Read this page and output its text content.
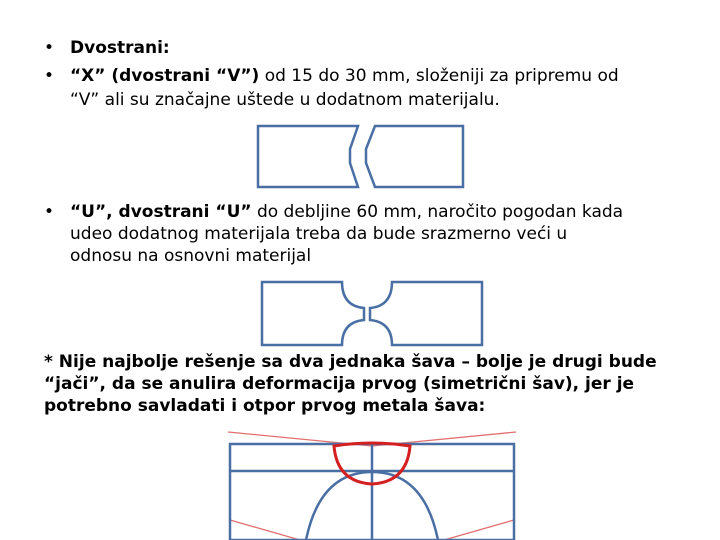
• Dvostrani:
• “X” (dvostrani “V”) od 15 do 30 mm, složeniji za pripremu od
“V” ali su značajne uštede u dodatnom materijalu.
• “U”, dvostrani “U” do debljine 60 mm, naročito pogodan kada
udeo dodatnog materijala treba da bude srazmerno veći u
odnosu na osnovni materijal
* Nije najbolje rešenje sa dva jednaka šava – bolje je drugi bude
“jači”, da se anulira deformacija prvog (simetrični šav), jer je
potrebno savladati i otpor prvog metala šava:
